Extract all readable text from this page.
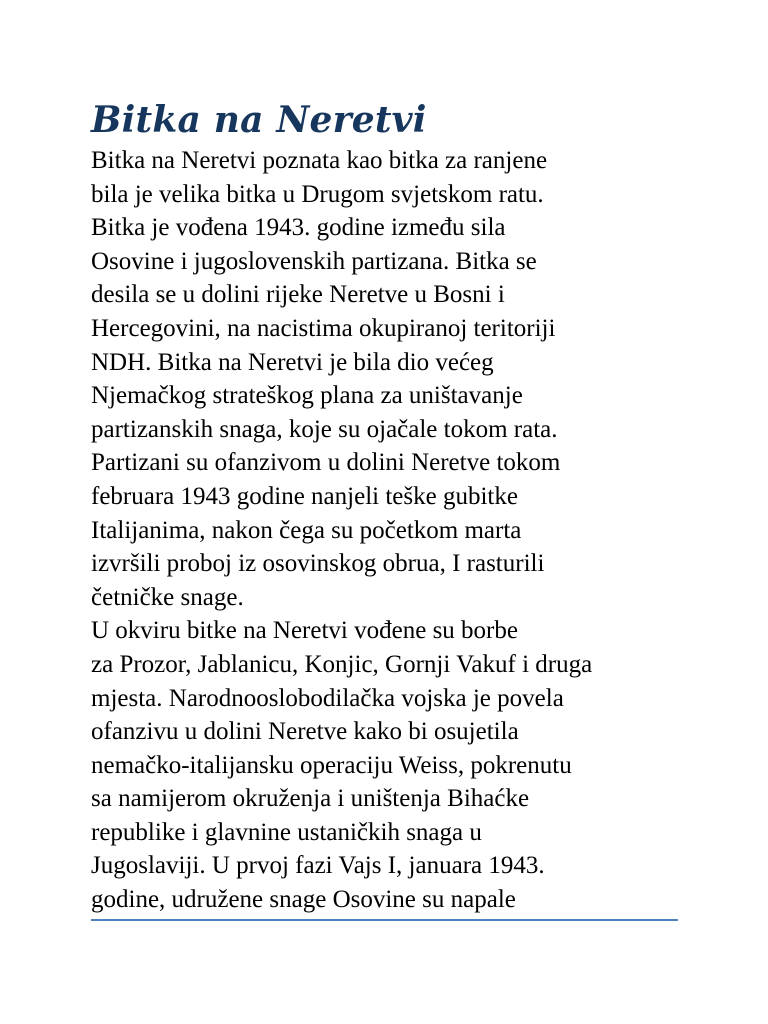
Bitka na Neretvi

Bitka na Neretvi poznata kao bitka za ranjene
bila je velika bitka u Drugom svjetskom ratu.
Bitka je vođena 1943. godine između sila
Osovine i jugoslovenskih partizana. Bitka se
desila se u dolini rijeke Neretve u Bosni i
Hercegovini, na nacistima okupiranoj teritoriji
NDH. Bitka na Neretvi je bila dio većeg
Njemačkog strateškog plana za uništavanje
partizanskih snaga, koje su ojačale tokom rata.
Partizani su ofanzivom u dolini Neretve tokom
februara 1943 godine nanjeli teške gubitke
Italijanima, nakon čega su početkom marta
izvršili proboj iz osovinskog obrua, I rasturili
četničke snage.

U okviru bitke na Neretvi vođene su borbe
za Prozor, Jablanicu, Konjic, Gornji Vakuf i druga
mjesta. Narodnooslobodilačka vojska je povela
ofanzivu u dolini Neretve kako bi osujetila
nemačko-italijansku operaciju Weiss, pokrenutu
sa namijerom okruženja i uništenja Bihaćke
republike i glavnine ustaničkih snaga u
Jugoslaviji. U prvoj fazi Vajs I, januara 1943.
godine, udružene snage Osovine su napale
